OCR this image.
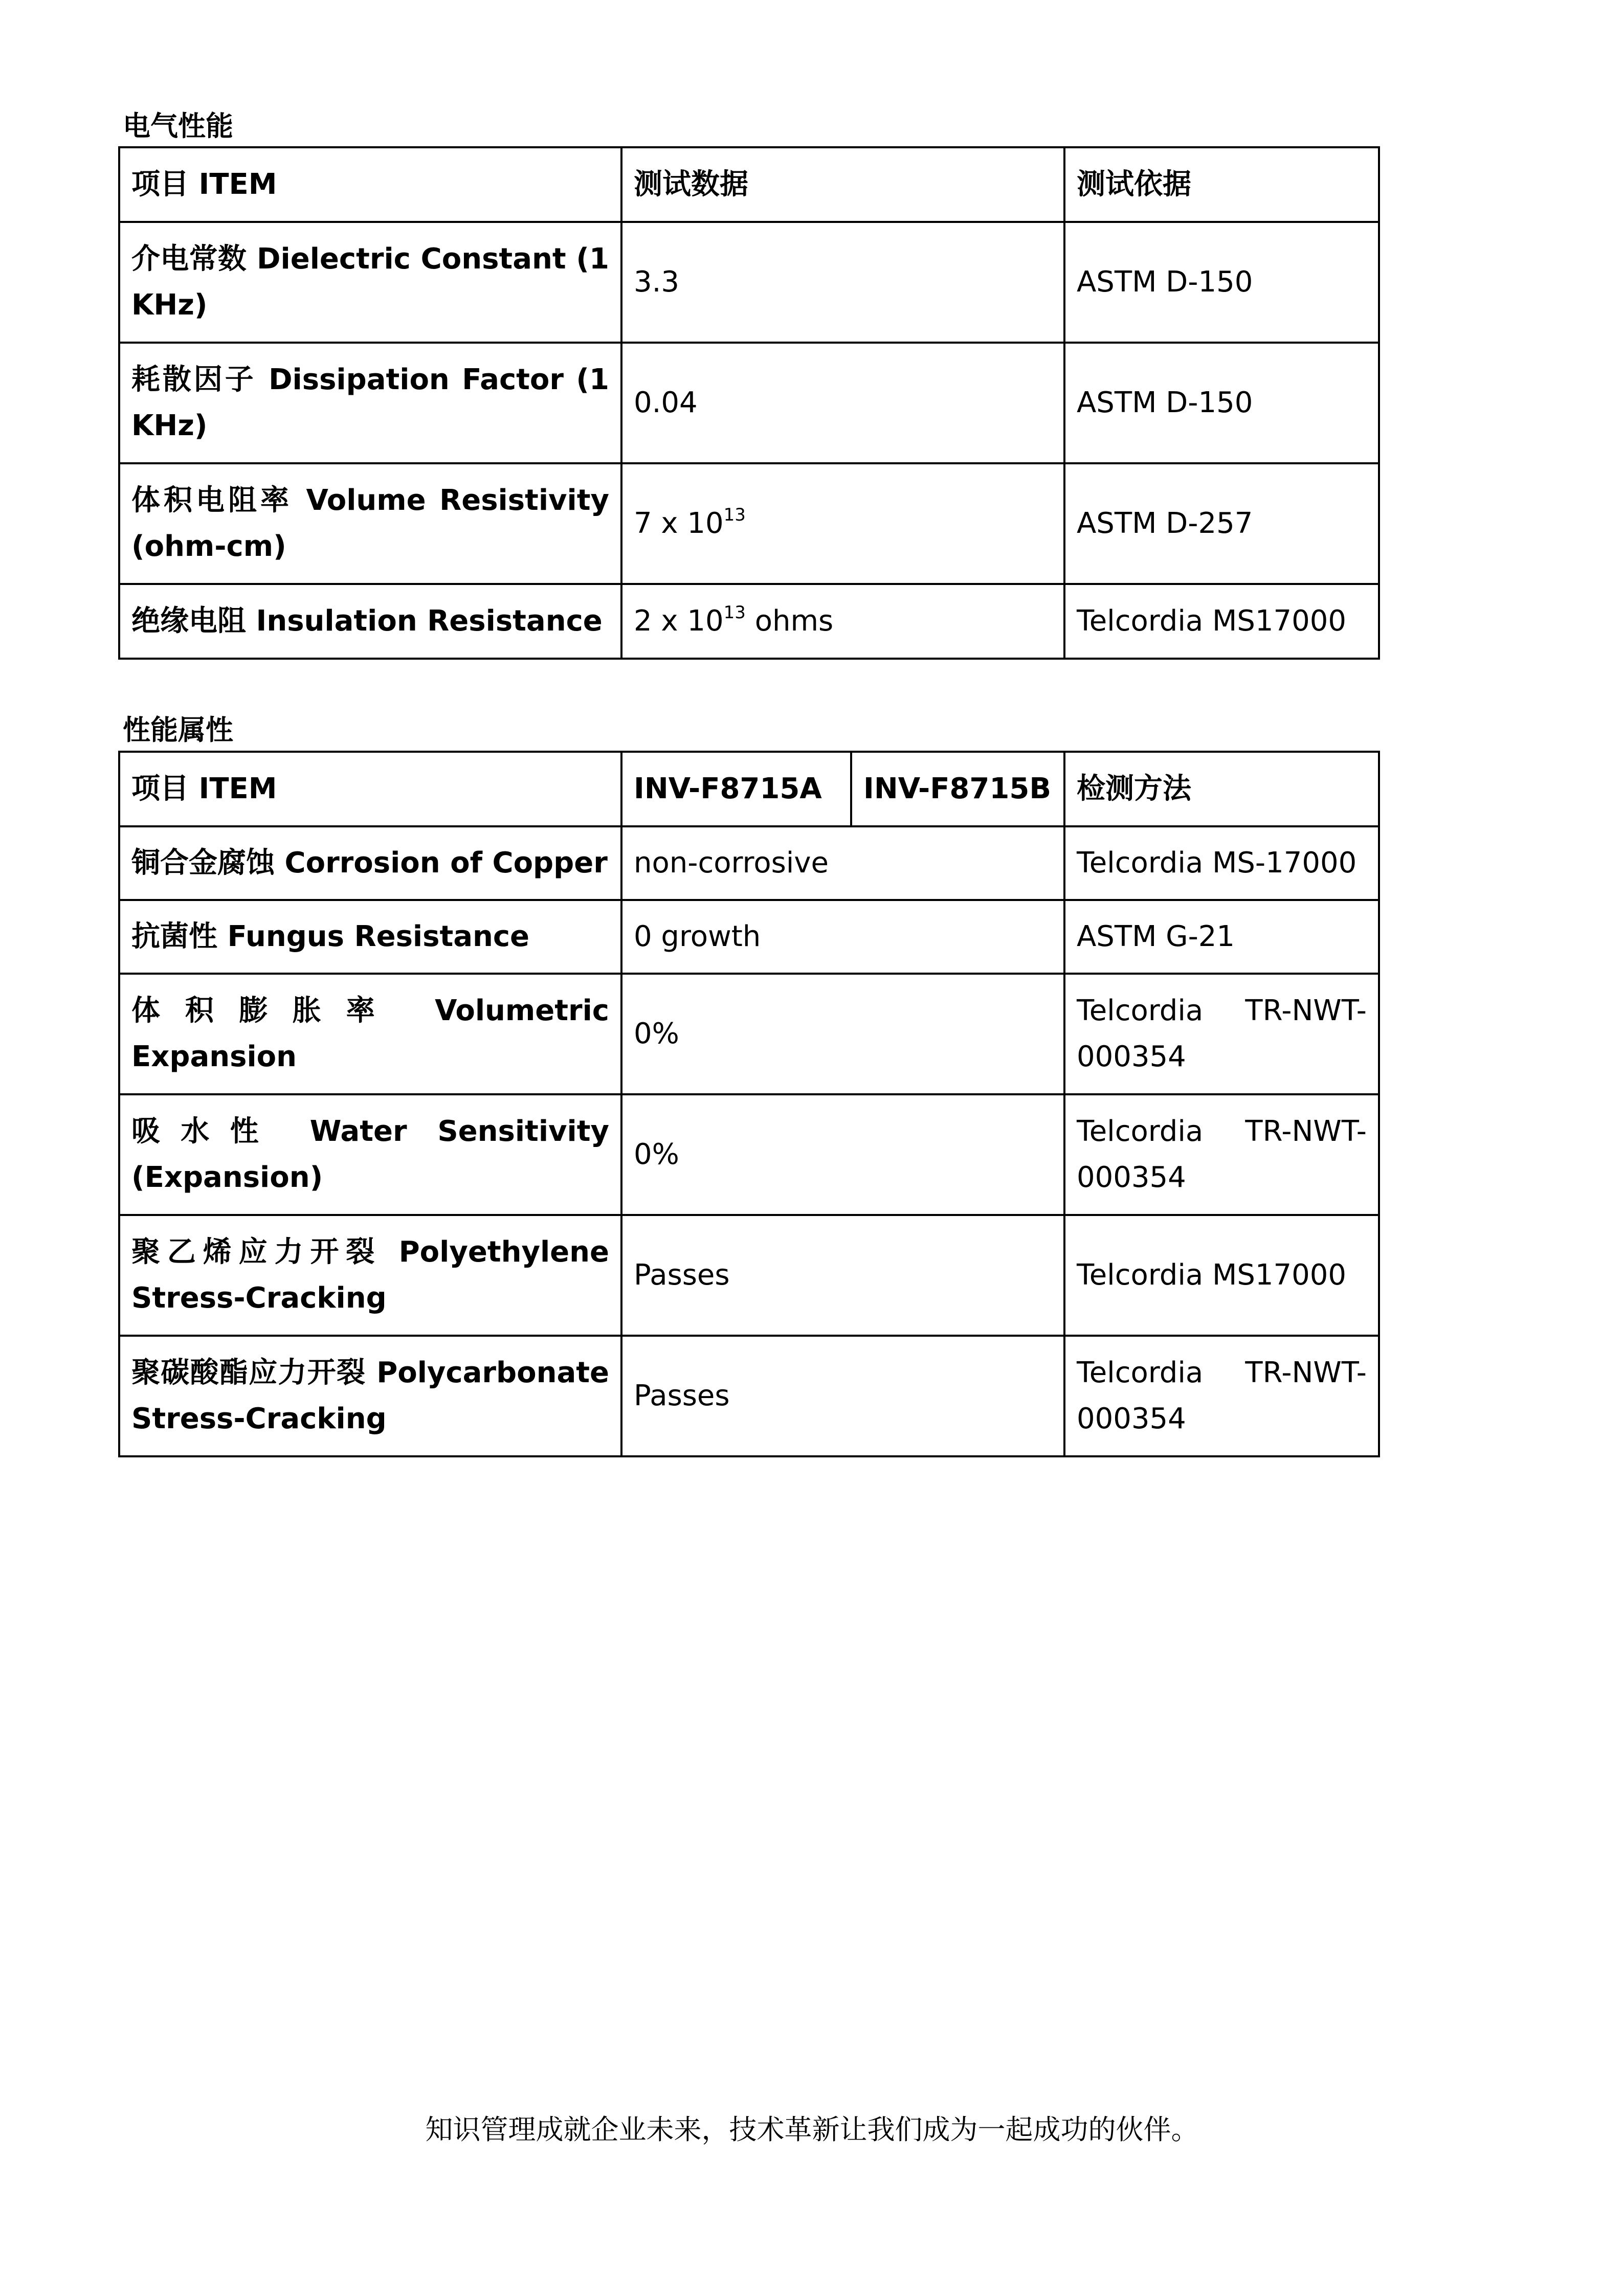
电气性能
项目 ITEM	测试数据	测试依据
介电常数 Dielectric Constant (1 KHz)	3.3	ASTM D-150
耗散因子 Dissipation Factor (1 KHz)	0.04	ASTM D-150
体积电阻率 Volume Resistivity (ohm-cm)	7 x $10^{13}$	ASTM D-257
绝缘电阻 Insulation Resistance	2 x $10^{13}$ ohms	Telcordia MS17000
性能属性
项目 ITEM	INV-F8715A	INV-F8715B	检测方法
铜合金腐蚀 Corrosion of Copper	non-corrosive		Telcordia MS-17000
抗菌性 Fungus Resistance	0 growth		ASTM G-21
体积膨胀率 Volumetric Expansion	0%		Telcordia TR-NWT-000354
吸水性 Water Sensitivity (Expansion)	0%		Telcordia TR-NWT-000354
聚乙烯应力开裂 Polyethylene Stress-Cracking	Passes		Telcordia MS17000
聚碳酸酯应力开裂 Polycarbonate Stress-Cracking	Passes		Telcordia TR-NWT-000354
知识管理成就企业未来，技术革新让我们成为一起成功的伙伴。
